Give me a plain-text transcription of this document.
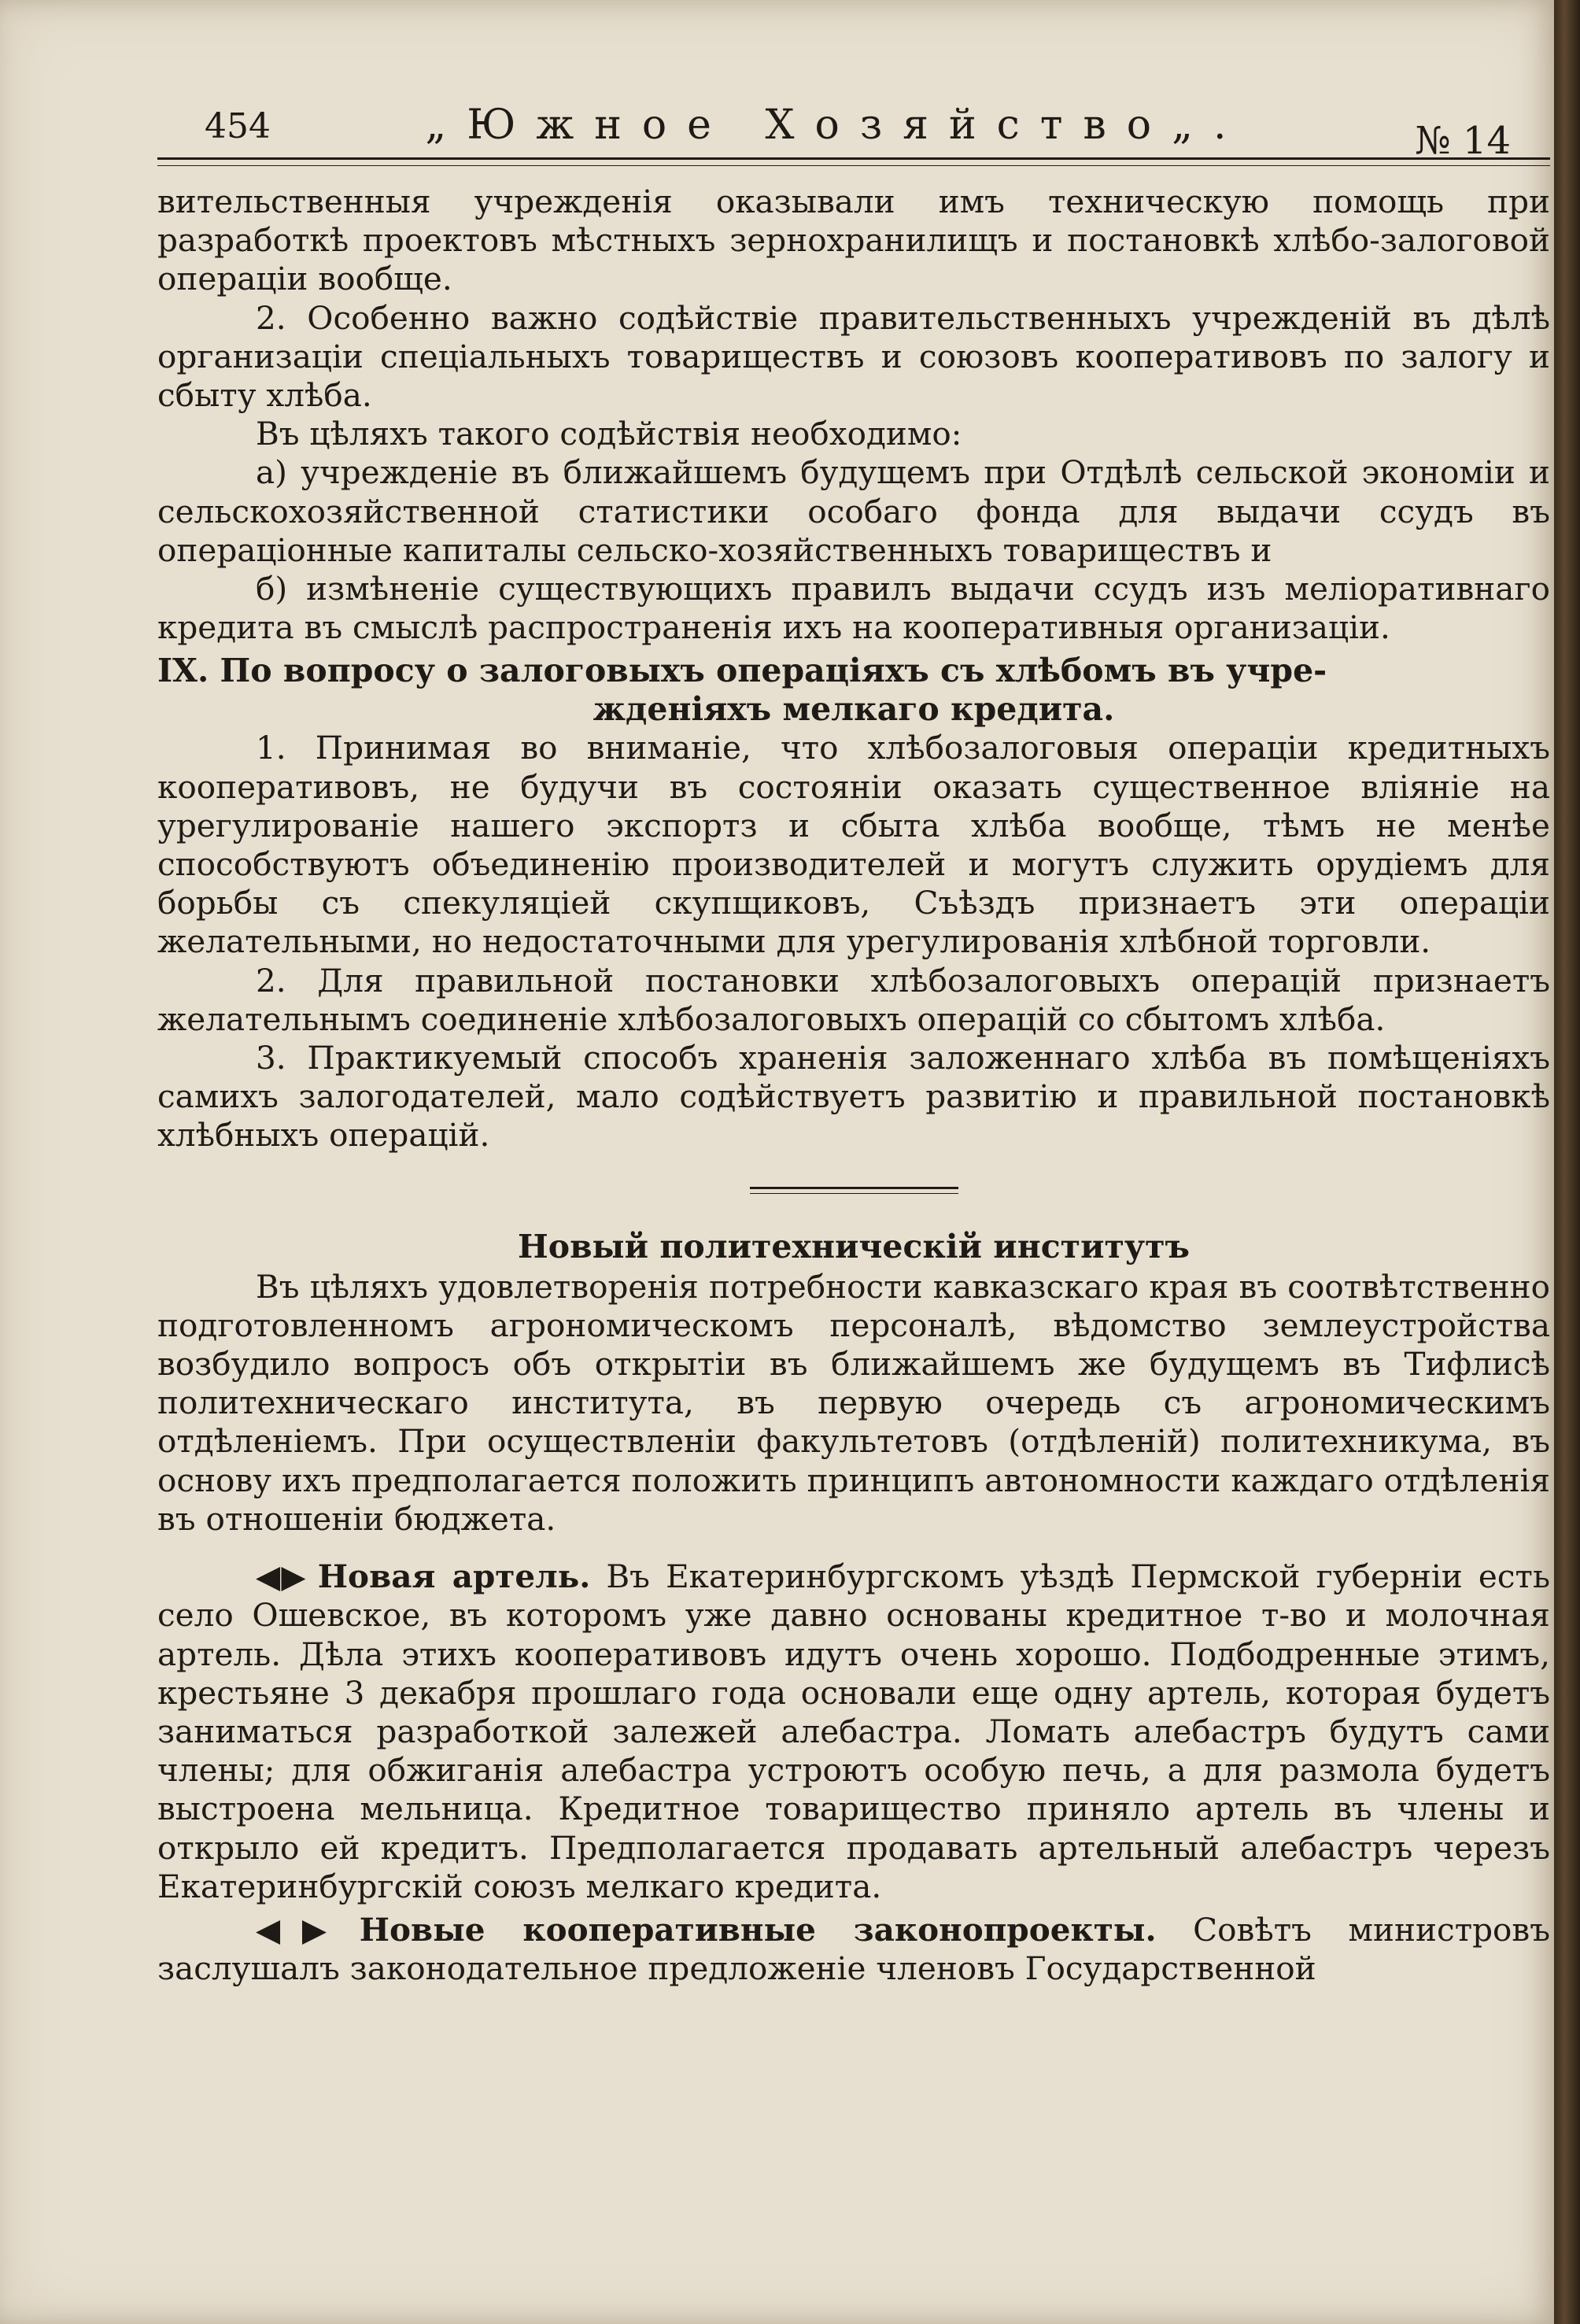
454	„Южное Хозяйство„.	№ 14

вительственныя учрежденія оказывали имъ техническую помощь при разработкѣ проектовъ мѣстныхъ зернохранилищъ и постановкѣ хлѣбо-залоговой операціи вообще.

2. Особенно важно содѣйствіе правительственныхъ учрежденій въ дѣлѣ организаціи спеціальныхъ товариществъ и союзовъ кооперативовъ по залогу и сбыту хлѣба.

Въ цѣляхъ такого содѣйствія необходимо:

а) учрежденіе въ ближайшемъ будущемъ при Отдѣлѣ сельской экономіи и сельскохозяйственной статистики особаго фонда для выдачи ссудъ въ операціонные капиталы сельско-хозяйственныхъ товариществъ и

б) измѣненіе существующихъ правилъ выдачи ссудъ изъ меліоративнаго кредита въ смыслѣ распространенія ихъ на кооперативныя организаціи.

IX. По вопросу о залоговыхъ операціяхъ съ хлѣбомъ въ учре-
жденіяхъ мелкаго кредита.

1. Принимая во вниманіе, что хлѣбозалоговыя операціи кредитныхъ кооперативовъ, не будучи въ состояніи оказать существенное вліяніе на урегулированіе нашего экспортз и сбыта хлѣба вообще, тѣмъ не менѣе способствуютъ объединенію производителей и могутъ служить орудіемъ для борьбы съ спекуляціей скупщиковъ, Съѣздъ признаетъ эти операціи желательными, но недостаточными для урегулированія хлѣбной торговли.

2. Для правильной постановки хлѣбозалоговыхъ операцій признаетъ желательнымъ соединеніе хлѣбозалоговыхъ операцій со сбытомъ хлѣба.

3. Практикуемый способъ храненія заложеннаго хлѣба въ помѣщеніяхъ самихъ залогодателей, мало содѣйствуетъ развитію и правильной постановкѣ хлѣбныхъ операцій.

Новый политехническій институтъ

Въ цѣляхъ удовлетворенія потребности кавказскаго края въ соотвѣтственно подготовленномъ агрономическомъ персоналѣ, вѣдомство землеустройства возбудило вопросъ объ открытіи въ ближайшемъ же будущемъ въ Тифлисѣ политехническаго института, въ первую очередь съ агрономическимъ отдѣленіемъ. При осуществленіи факультетовъ (отдѣленій) политехникума, въ основу ихъ предполагается положить принципъ автономности каждаго отдѣленія въ отношеніи бюджета.

◀▶ Новая артель. Въ Екатеринбургскомъ уѣздѣ Пермской губерніи есть село Ошевское, въ которомъ уже давно основаны кредитное т-во и молочная артель. Дѣла этихъ кооперативовъ идутъ очень хорошо. Подбодренные этимъ, крестьяне 3 декабря прошлаго года основали еще одну артель, которая будетъ заниматься разработкой залежей алебастра. Ломать алебастръ будутъ сами члены; для обжиганія алебастра устроютъ особую печь, а для размола будетъ выстроена мельница. Кредитное товарищество приняло артель въ члены и открыло ей кредитъ. Предполагается продавать артельный алебастръ черезъ Екатеринбургскій союзъ мелкаго кредита.

◀▶ Новые кооперативные законопроекты. Совѣтъ министровъ заслушалъ законодательное предложеніе членовъ Государственной
